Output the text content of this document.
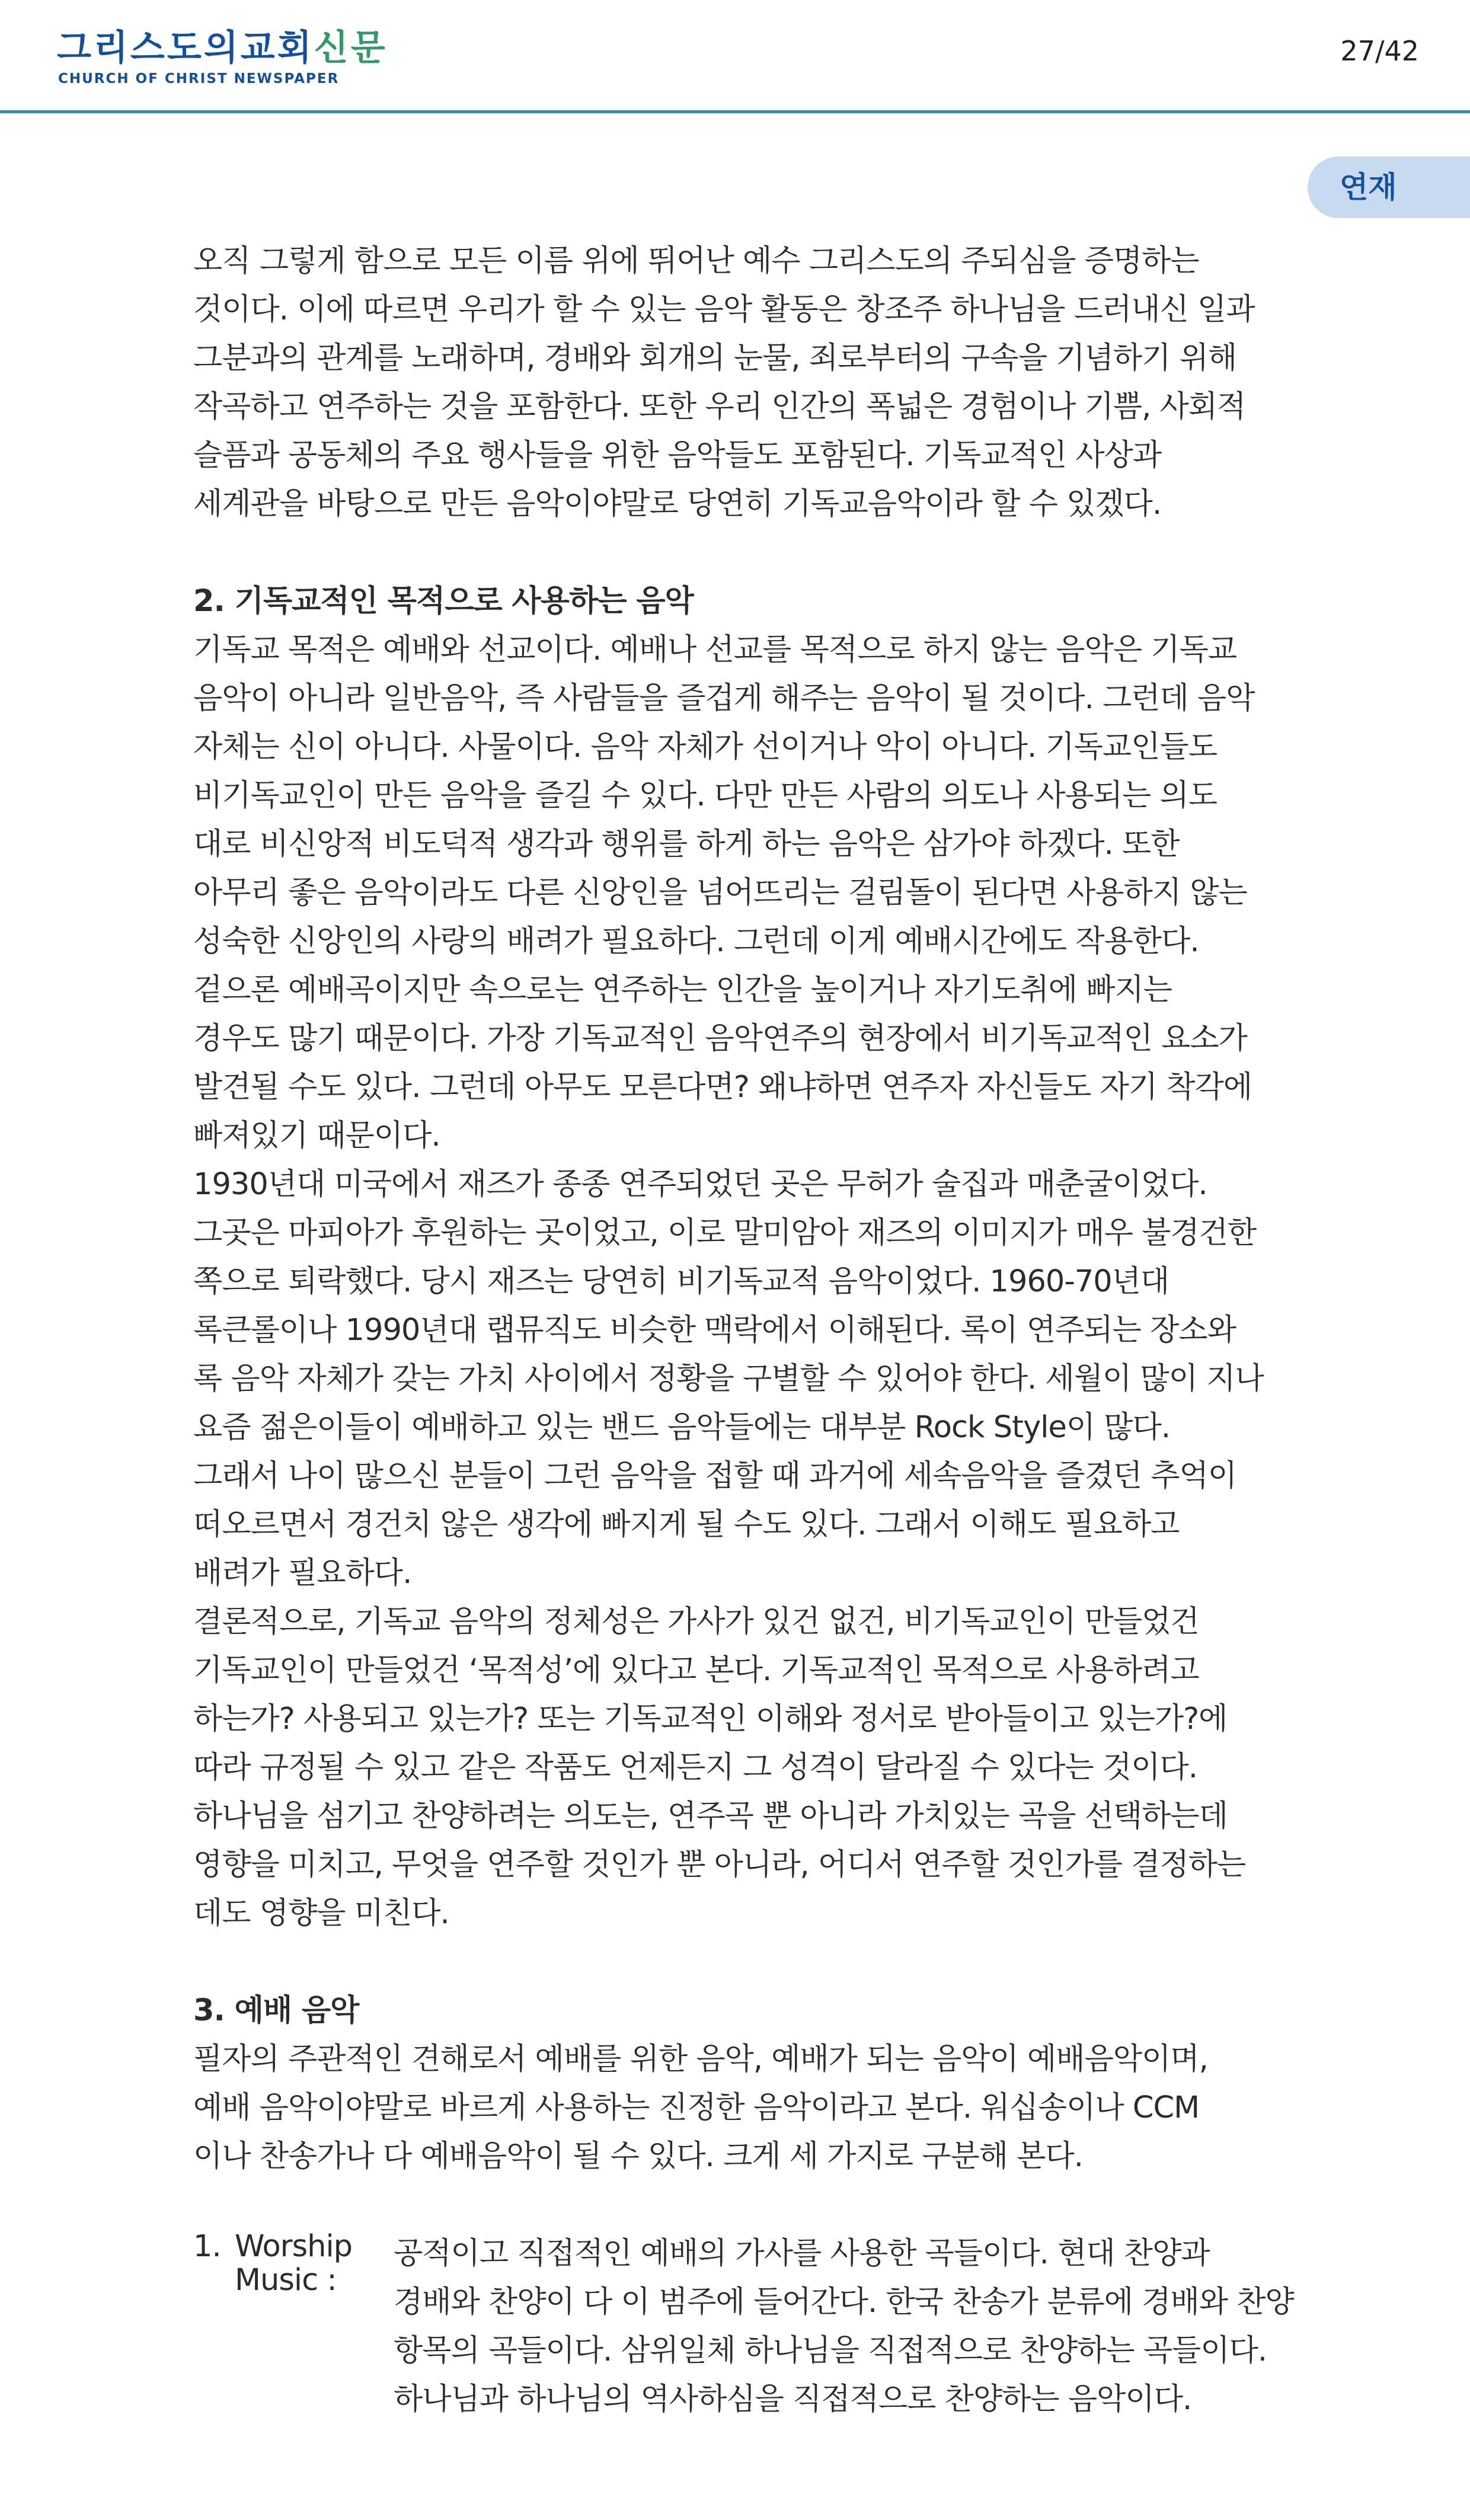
그리스도의교회신문
CHURCH OF CHRIST NEWSPAPER
27/42
연재

오직 그렇게 함으로 모든 이름 위에 뛰어난 예수 그리스도의 주되심을 증명하는
것이다. 이에 따르면 우리가 할 수 있는 음악 활동은 창조주 하나님을 드러내신 일과
그분과의 관계를 노래하며, 경배와 회개의 눈물, 죄로부터의 구속을 기념하기 위해
작곡하고 연주하는 것을 포함한다. 또한 우리 인간의 폭넓은 경험이나 기쁨, 사회적
슬픔과 공동체의 주요 행사들을 위한 음악들도 포함된다. 기독교적인 사상과
세계관을 바탕으로 만든 음악이야말로 당연히 기독교음악이라 할 수 있겠다.

2. 기독교적인 목적으로 사용하는 음악

기독교 목적은 예배와 선교이다. 예배나 선교를 목적으로 하지 않는 음악은 기독교
음악이 아니라 일반음악, 즉 사람들을 즐겁게 해주는 음악이 될 것이다. 그런데 음악
자체는 신이 아니다. 사물이다. 음악 자체가 선이거나 악이 아니다. 기독교인들도
비기독교인이 만든 음악을 즐길 수 있다. 다만 만든 사람의 의도나 사용되는 의도
대로 비신앙적 비도덕적 생각과 행위를 하게 하는 음악은 삼가야 하겠다. 또한
아무리 좋은 음악이라도 다른 신앙인을 넘어뜨리는 걸림돌이 된다면 사용하지 않는
성숙한 신앙인의 사랑의 배려가 필요하다. 그런데 이게 예배시간에도 작용한다.
겉으론 예배곡이지만 속으로는 연주하는 인간을 높이거나 자기도취에 빠지는
경우도 많기 때문이다. 가장 기독교적인 음악연주의 현장에서 비기독교적인 요소가
발견될 수도 있다. 그런데 아무도 모른다면? 왜냐하면 연주자 자신들도 자기 착각에
빠져있기 때문이다.

1930년대 미국에서 재즈가 종종 연주되었던 곳은 무허가 술집과 매춘굴이었다.
그곳은 마피아가 후원하는 곳이었고, 이로 말미암아 재즈의 이미지가 매우 불경건한
쪽으로 퇴락했다. 당시 재즈는 당연히 비기독교적 음악이었다. 1960-70년대
록큰롤이나 1990년대 랩뮤직도 비슷한 맥락에서 이해된다. 록이 연주되는 장소와
록 음악 자체가 갖는 가치 사이에서 정황을 구별할 수 있어야 한다. 세월이 많이 지나
요즘 젊은이들이 예배하고 있는 밴드 음악들에는 대부분 Rock Style이 많다.
그래서 나이 많으신 분들이 그런 음악을 접할 때 과거에 세속음악을 즐겼던 추억이
떠오르면서 경건치 않은 생각에 빠지게 될 수도 있다. 그래서 이해도 필요하고
배려가 필요하다.

결론적으로, 기독교 음악의 정체성은 가사가 있건 없건, 비기독교인이 만들었건
기독교인이 만들었건 ‘목적성’에 있다고 본다. 기독교적인 목적으로 사용하려고
하는가? 사용되고 있는가? 또는 기독교적인 이해와 정서로 받아들이고 있는가?에
따라 규정될 수 있고 같은 작품도 언제든지 그 성격이 달라질 수 있다는 것이다.
하나님을 섬기고 찬양하려는 의도는, 연주곡 뿐 아니라 가치있는 곡을 선택하는데
영향을 미치고, 무엇을 연주할 것인가 뿐 아니라, 어디서 연주할 것인가를 결정하는
데도 영향을 미친다.

3. 예배 음악

필자의 주관적인 견해로서 예배를 위한 음악, 예배가 되는 음악이 예배음악이며,
예배 음악이야말로 바르게 사용하는 진정한 음악이라고 본다. 워십송이나 CCM
이나 찬송가나 다 예배음악이 될 수 있다. 크게 세 가지로 구분해 본다.

1. Worship
Music :
공적이고 직접적인 예배의 가사를 사용한 곡들이다. 현대 찬양과
경배와 찬양이 다 이 범주에 들어간다. 한국 찬송가 분류에 경배와 찬양
항목의 곡들이다. 삼위일체 하나님을 직접적으로 찬양하는 곡들이다.
하나님과 하나님의 역사하심을 직접적으로 찬양하는 음악이다.
